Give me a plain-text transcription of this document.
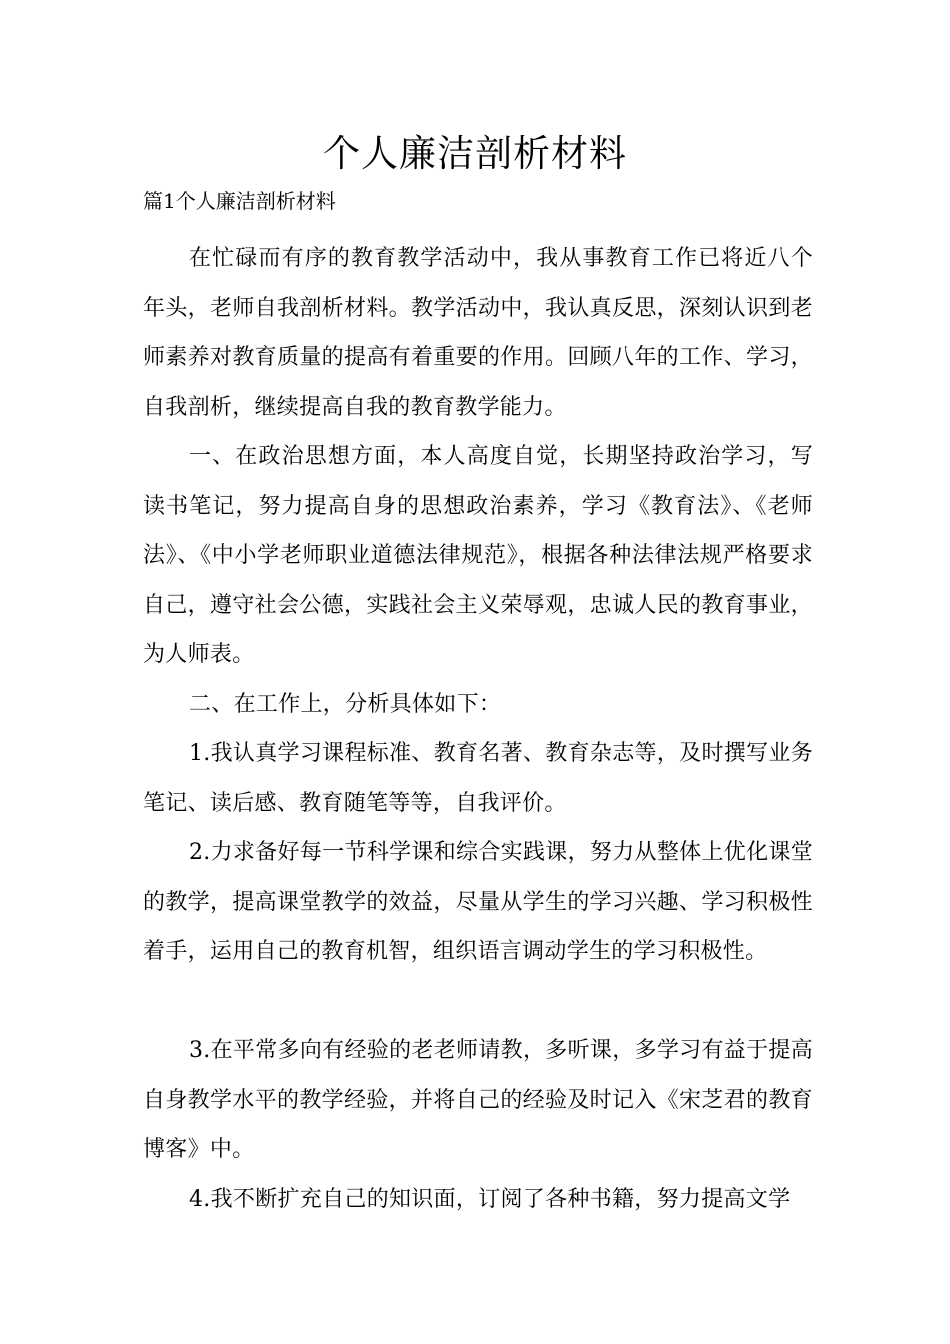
个人廉洁剖析材料

篇1个人廉洁剖析材料

在忙碌而有序的教育教学活动中，我从事教育工作已将近八个年头，老师自我剖析材料。教学活动中，我认真反思，深刻认识到老师素养对教育质量的提高有着重要的作用。回顾八年的工作、学习，自我剖析，继续提高自我的教育教学能力。

一、在政治思想方面，本人高度自觉，长期坚持政治学习，写读书笔记，努力提高自身的思想政治素养，学习《教育法》、《老师法》、《中小学老师职业道德法律规范》，根据各种法律法规严格要求自己，遵守社会公德，实践社会主义荣辱观，忠诚人民的教育事业，为人师表。

二、在工作上，分析具体如下：

1.我认真学习课程标准、教育名著、教育杂志等，及时撰写业务笔记、读后感、教育随笔等等，自我评价。

2.力求备好每一节科学课和综合实践课，努力从整体上优化课堂的教学，提高课堂教学的效益，尽量从学生的学习兴趣、学习积极性着手，运用自己的教育机智，组织语言调动学生的学习积极性。

3.在平常多向有经验的老老师请教，多听课，多学习有益于提高自身教学水平的教学经验，并将自己的经验及时记入《宋芝君的教育博客》中。

4.我不断扩充自己的知识面，订阅了各种书籍，努力提高文学
